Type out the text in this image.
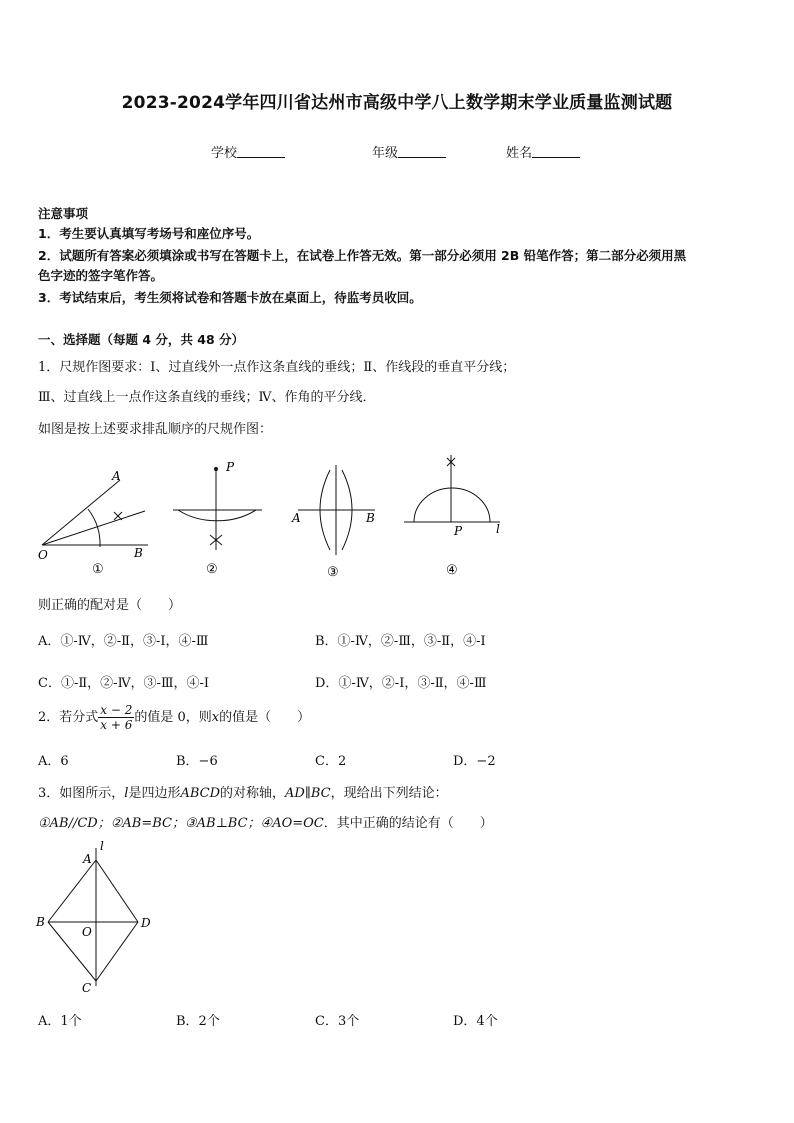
2023-2024学年四川省达州市高级中学八上数学期末学业质量监测试题
学校	年级	姓名
注意事项
1．考生要认真填写考场号和座位序号。
2．试题所有答案必须填涂或书写在答题卡上，在试卷上作答无效。第一部分必须用 2B 铅笔作答；第二部分必须用黑
色字迹的签字笔作答。
3．考试结束后，考生须将试卷和答题卡放在桌面上，待监考员收回。
一、选择题（每题 4 分，共 48 分）
1．尺规作图要求：Ⅰ、过直线外一点作这条直线的垂线；Ⅱ、作线段的垂直平分线；
Ⅲ、过直线上一点作这条直线的垂线；Ⅳ、作角的平分线．
如图是按上述要求排乱顺序的尺规作图：
A
O	B
①
P
②
A	B
③
P	l
④
则正确的配对是（　　）
A．①-Ⅳ，②-Ⅱ，③-Ⅰ，④-Ⅲ	B．①-Ⅳ，②-Ⅲ，③-Ⅱ，④-Ⅰ
C．①-Ⅱ，②-Ⅳ，③-Ⅲ，④-Ⅰ	D．①-Ⅳ，②-Ⅰ，③-Ⅱ，④-Ⅲ
2．若分式 $\frac{x - 2}{x + 6}$ 的值是 0，则x的值是（　　）
A．6	B．−6	C．2	D．−2
3．如图所示，l是四边形ABCD的对称轴，AD∥BC，现给出下列结论：
①AB//CD；②AB=BC；③AB⊥BC；④AO=OC．其中正确的结论有（　　）
l
A
B	D
O
C
A．1个	B．2个	C．3个	D．4个
